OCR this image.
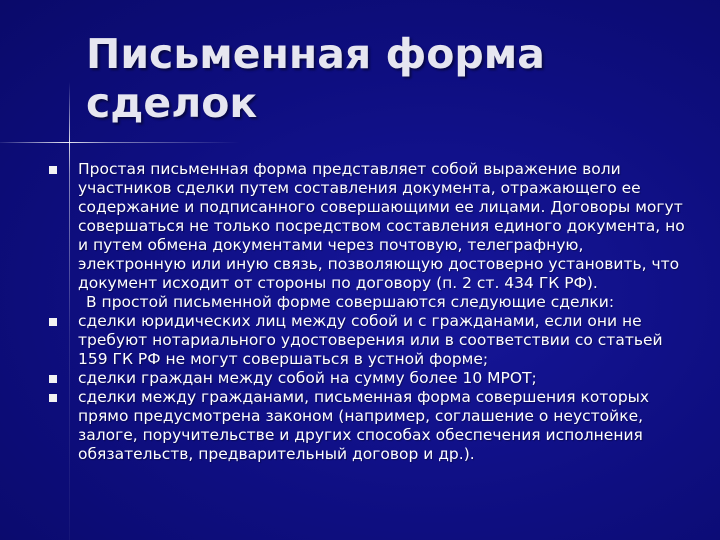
Письменная форма сделок
Простая письменная форма представляет собой выражение воли участников сделки путем составления документа, отражающего ее содержание и подписанного совершающими ее лицами. Договоры могут совершаться не только посредством составления единого документа, но и путем обмена документами через почтовую, телеграфную, электронную или иную связь, позволяющую достоверно установить, что документ исходит от стороны по договору (п. 2 ст. 434 ГК РФ).
В простой письменной форме совершаются следующие сделки:
сделки юридических лиц между собой и с гражданами, если они не требуют нотариального удостоверения или в соответствии со статьей 159 ГК РФ не могут совершаться в устной форме;
сделки граждан между собой на сумму более 10 МРОТ;
сделки между гражданами, письменная форма совершения которых прямо предусмотрена законом (например, соглашение о неустойке, залоге, поручительстве и других способах обеспечения исполнения обязательств, предварительный договор и др.).
